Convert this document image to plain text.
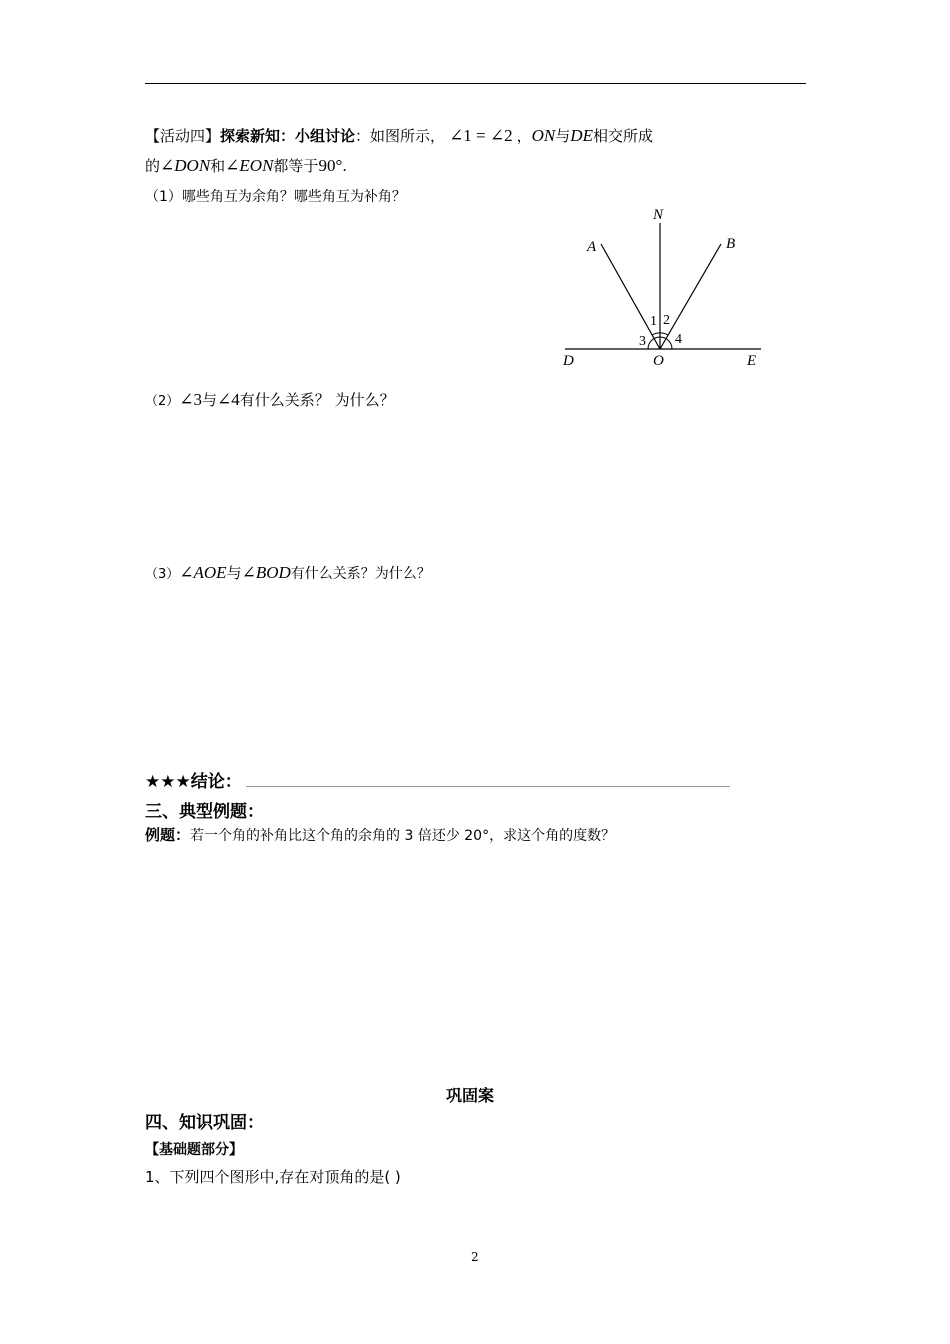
【活动四】探索新知：小组讨论：如图所示， ∠1 = ∠2 ，ON与DE相交所成
的∠DON和∠EON都等于90°.
（1）哪些角互为余角？哪些角互为补角？
N
A	B
D	O	E
1 2
3 4
（2）∠3与∠4有什么关系？ 为什么？
（3）∠AOE与∠BOD有什么关系？为什么？
★★★结论：
三、典型例题：
例题：若一个角的补角比这个角的余角的 3 倍还少 20°，求这个角的度数？
巩固案
四、知识巩固：
【基础题部分】
1、下列四个图形中,存在对顶角的是( )
2
